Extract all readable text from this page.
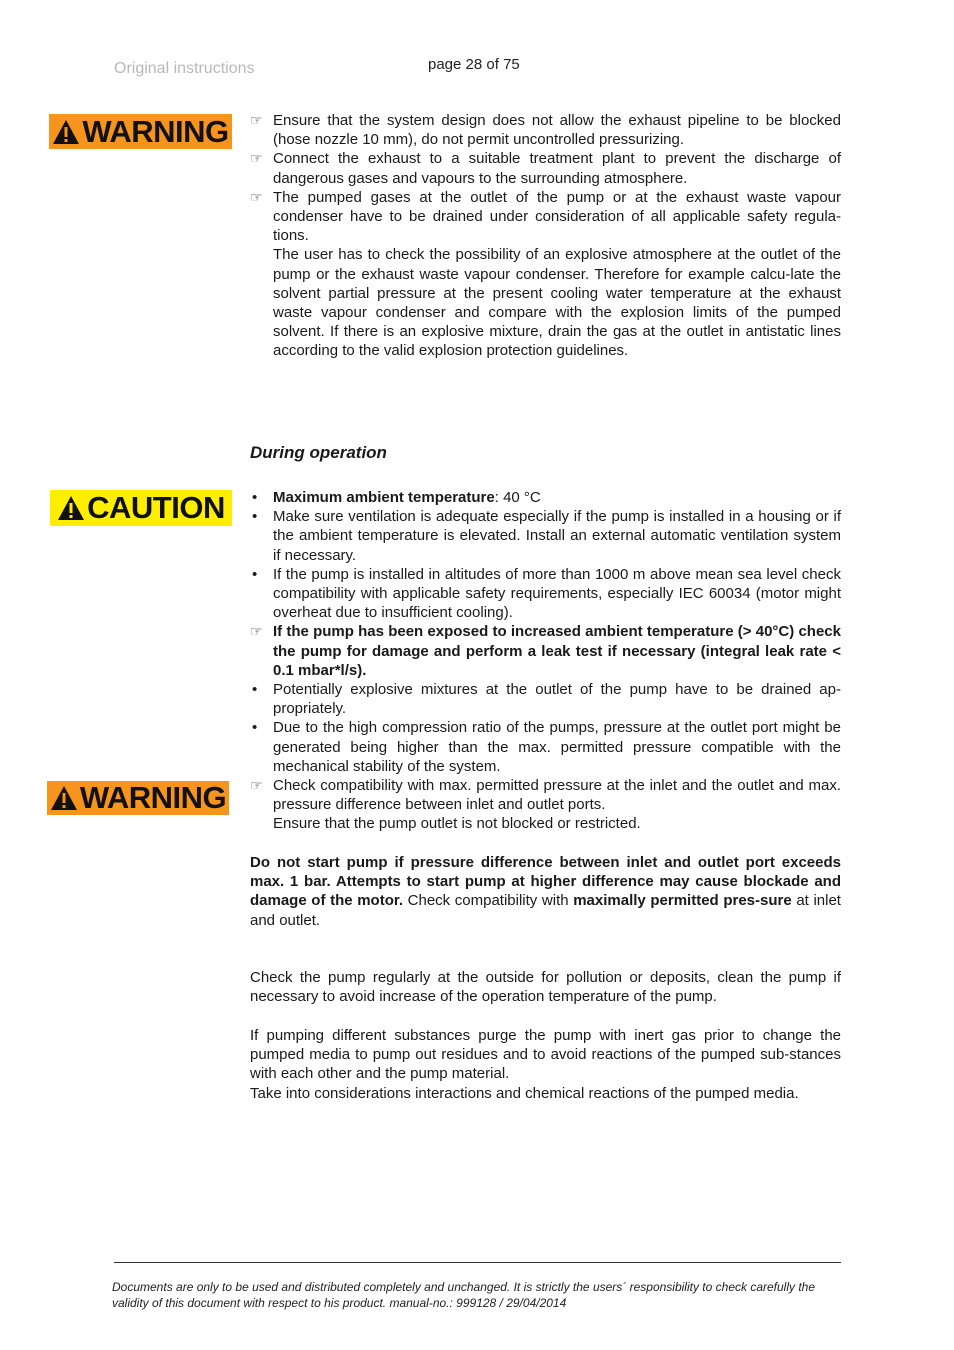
Original instructions	page 28 of 75
WARNING ☞ Ensure that the system design does not allow the exhaust pipeline to be blocked (hose nozzle 10 mm), do not permit uncontrolled pressurizing.
☞ Connect the exhaust to a suitable treatment plant to prevent the discharge of dangerous gases and vapours to the surrounding atmosphere.
☞ The pumped gases at the outlet of the pump or at the exhaust waste vapour condenser have to be drained under consideration of all applicable safety regula-tions.
The user has to check the possibility of an explosive atmosphere at the outlet of the pump or the exhaust waste vapour condenser. Therefore for example calcu-late the solvent partial pressure at the present cooling water temperature at the exhaust waste vapour condenser and compare with the explosion limits of the pumped solvent. If there is an explosive mixture, drain the gas at the outlet in antistatic lines according to the valid explosion protection guidelines.
During operation
CAUTION
WARNING
•	Maximum ambient temperature: 40 °C
•	Make sure ventilation is adequate especially if the pump is installed in a housing or if the ambient temperature is elevated. Install an external automatic ventilation system if necessary.
•	If the pump is installed in altitudes of more than 1000 m above mean sea level check compatibility with applicable safety requirements, especially IEC 60034 (motor might overheat due to insufficient cooling).
☞ If the pump has been exposed to increased ambient temperature (> 40°C) check the pump for damage and perform a leak test if necessary (integral leak rate < 0.1 mbar*l/s).
•	Potentially explosive mixtures at the outlet of the pump have to be drained ap-propriately.
•	Due to the high compression ratio of the pumps, pressure at the outlet port might be generated being higher than the max. permitted pressure compatible with the mechanical stability of the system.
☞ Check compatibility with max. permitted pressure at the inlet and the outlet and max. pressure difference between inlet and outlet ports.
Ensure that the pump outlet is not blocked or restricted.
Do not start pump if pressure difference between inlet and outlet port exceeds max. 1 bar. Attempts to start pump at higher difference may cause blockade and damage of the motor. Check compatibility with maximally permitted pres-sure at inlet and outlet.
Check the pump regularly at the outside for pollution or deposits, clean the pump if necessary to avoid increase of the operation temperature of the pump.
If pumping different substances purge the pump with inert gas prior to change the pumped media to pump out residues and to avoid reactions of the pumped sub-stances with each other and the pump material.
Take into considerations interactions and chemical reactions of the pumped media.
Documents are only to be used and distributed completely and unchanged. It is strictly the users´ responsibility to check carefully the validity of this document with respect to his product. manual-no.: 999128 / 29/04/2014
